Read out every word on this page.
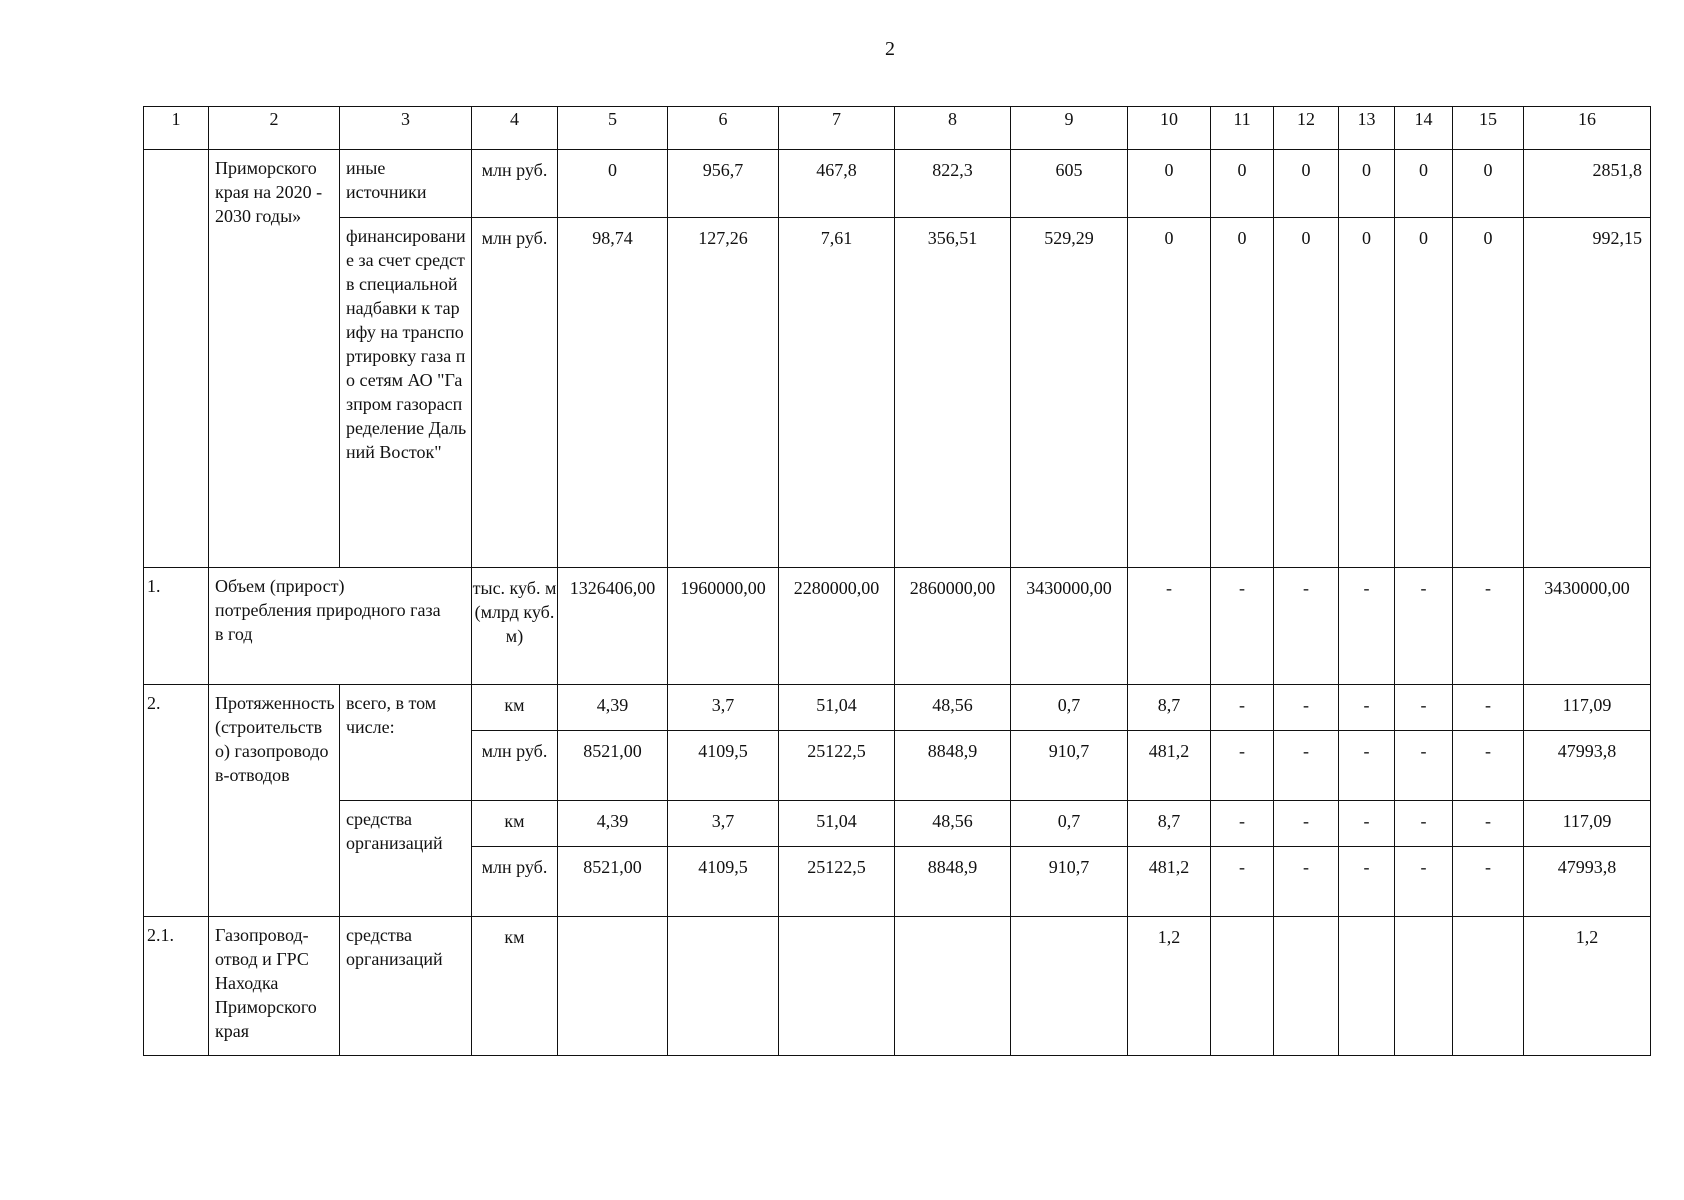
2
1	2	3	4	5	6	7	8	9	10	11	12	13	14	15	16
	Приморского края на 2020 - 2030 годы»	иные источники	млн руб.	0	956,7	467,8	822,3	605	0	0	0	0	0	0	2851,8
		финансирование за счет средств специальной надбавки к тарифу на транспортировку газа по сетям АО "Газпром газораспределение Дальний Восток"	млн руб.	98,74	127,26	7,61	356,51	529,29	0	0	0	0	0	0	992,15
1.	Объем (прирост) потребления природного газа в год		тыс. куб. м (млрд куб. м)	1326406,00	1960000,00	2280000,00	2860000,00	3430000,00	-	-	-	-	-	-	3430000,00
2.	Протяженность (строительство) газопроводов-отводов	всего, в том числе:	км	4,39	3,7	51,04	48,56	0,7	8,7	-	-	-	-	-	117,09
			млн руб.	8521,00	4109,5	25122,5	8848,9	910,7	481,2	-	-	-	-	-	47993,8
		средства организаций	км	4,39	3,7	51,04	48,56	0,7	8,7	-	-	-	-	-	117,09
			млн руб.	8521,00	4109,5	25122,5	8848,9	910,7	481,2	-	-	-	-	-	47993,8
2.1.	Газопровод-отвод и ГРС Находка Приморского края	средства организаций	км						1,2						1,2
